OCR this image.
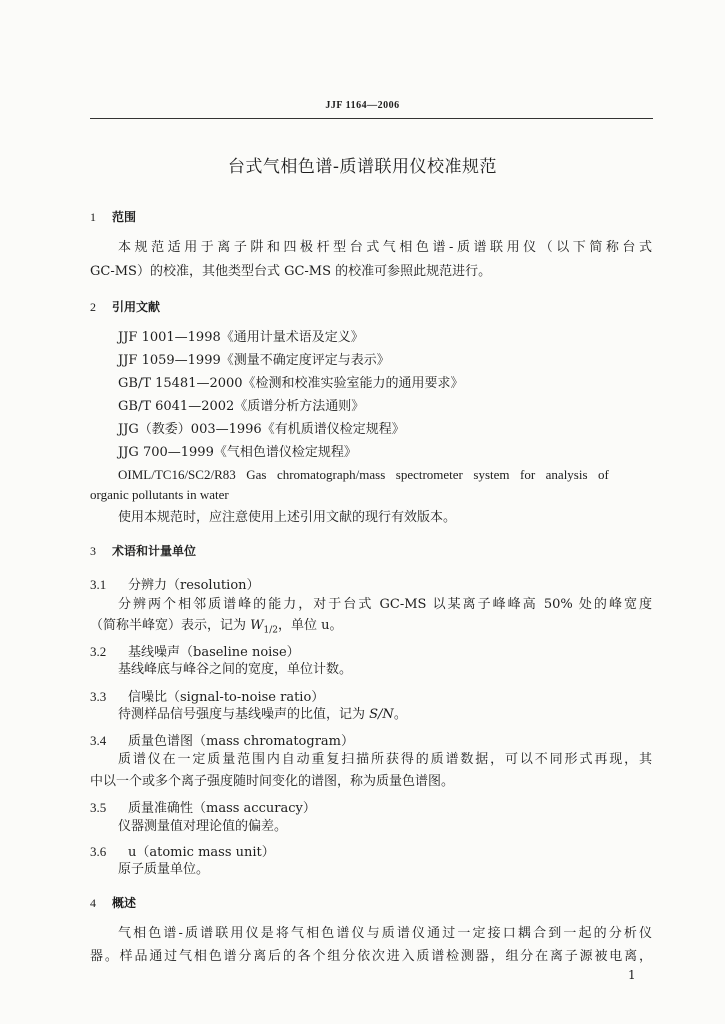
JJF 1164—2006
台式气相色谱-质谱联用仪校准规范
1 范围
本规范适用于离子阱和四极杆型台式气相色谱-质谱联用仪（以下简称台式
GC-MS）的校准，其他类型台式 GC-MS 的校准可参照此规范进行。
2 引用文献
JJF 1001—1998《通用计量术语及定义》
JJF 1059—1999《测量不确定度评定与表示》
GB/T 15481—2000《检测和校准实验室能力的通用要求》
GB/T 6041—2002《质谱分析方法通则》
JJG（教委）003—1996《有机质谱仪检定规程》
JJG 700—1999《气相色谱仪检定规程》
OIML/TC16/SC2/R83  Gas  chromatograph/mass  spectrometer  system  for  analysis  of
organic pollutants in water
使用本规范时，应注意使用上述引用文献的现行有效版本。
3 术语和计量单位
3.1 分辨力（resolution）
分辨两个相邻质谱峰的能力，对于台式 GC-MS 以某离子峰峰高 50% 处的峰宽度
（简称半峰宽）表示，记为 $W_{1/2}$，单位 u。
3.2 基线噪声（baseline noise）
基线峰底与峰谷之间的宽度，单位计数。
3.3 信噪比（signal-to-noise ratio）
待测样品信号强度与基线噪声的比值，记为 S/N。
3.4 质量色谱图（mass chromatogram）
质谱仪在一定质量范围内自动重复扫描所获得的质谱数据，可以不同形式再现，其
中以一个或多个离子强度随时间变化的谱图，称为质量色谱图。
3.5 质量准确性（mass accuracy）
仪器测量值对理论值的偏差。
3.6 u（atomic mass unit）
原子质量单位。
4 概述
气相色谱-质谱联用仪是将气相色谱仪与质谱仪通过一定接口耦合到一起的分析仪
器。样品通过气相色谱分离后的各个组分依次进入质谱检测器，组分在离子源被电离，
1
